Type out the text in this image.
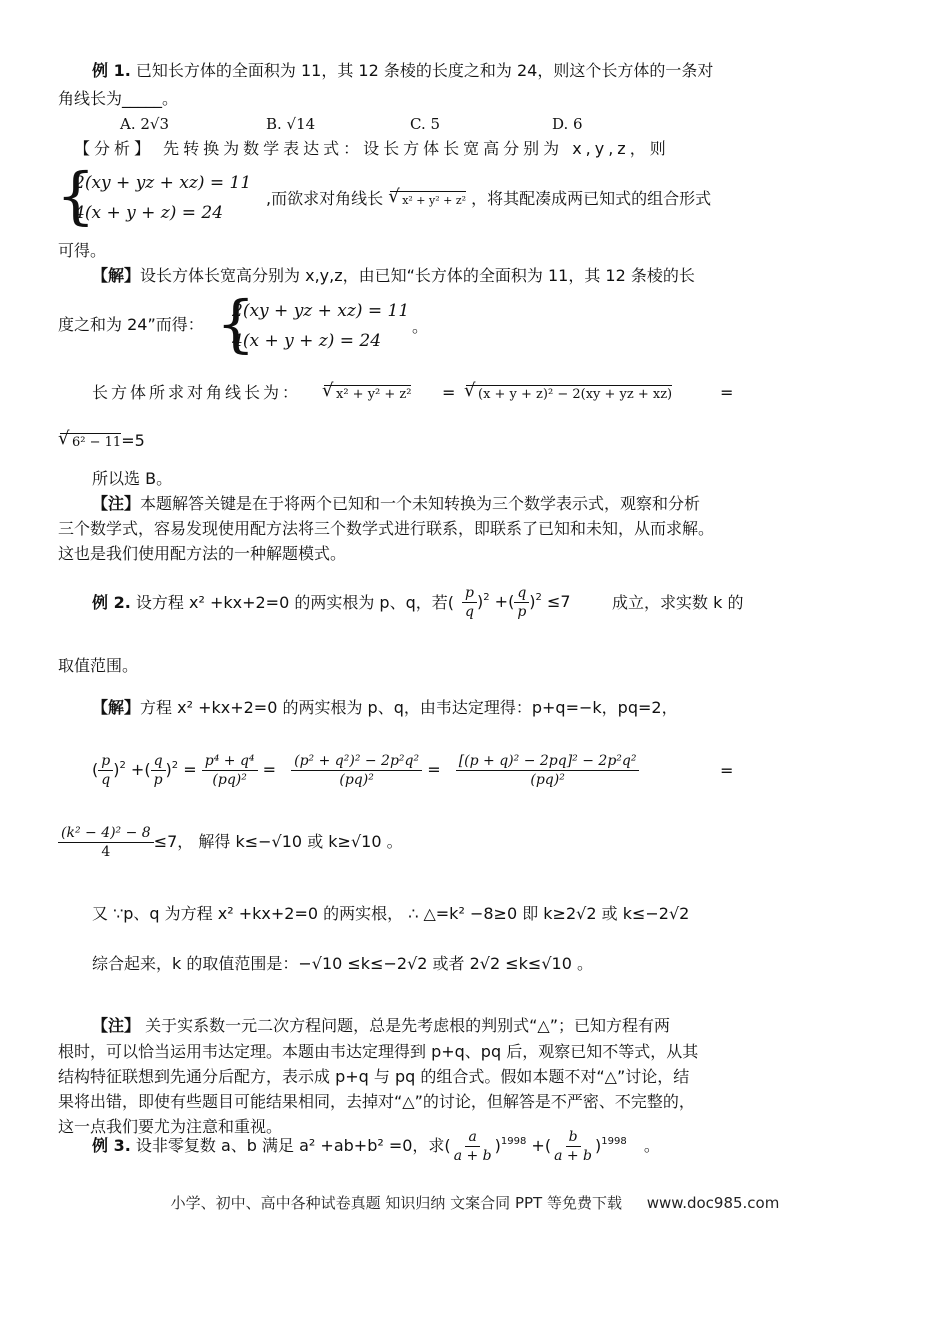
例 1. 已知长方体的全面积为 11，其 12 条棱的长度之和为 24，则这个长方体的一条对
角线长为_____。
A. 2√3	B. √14	C. 5	D. 6
【分析】 先转换为数学表达式：设长方体长宽高分别为 x,y,z，则
{
2(xy + yz + xz) = 11
4(x + y + z) = 24
,而欲求对角线长 √ x² + y² + z² ，将其配凑成两已知式的组合形式
可得。
【解】设长方体长宽高分别为 x,y,z，由已知“长方体的全面积为 11，其 12 条棱的长
度之和为 24”而得： {
2(xy + yz + xz) = 11
4(x + y + z) = 24
。
长方体所求对角线长为：	√ x² + y² + z² =	√ (x + y + z)² − 2(xy + yz + xz)	=
√ 6² − 11=5
所以选 B。
【注】本题解答关键是在于将两个已知和一个未知转换为三个数学表示式，观察和分析
三个数学式，容易发现使用配方法将三个数学式进行联系，即联系了已知和未知，从而求解。
这也是我们使用配方法的一种解题模式。
例 2. 设方程 x² +kx+2=0 的两实根为 p、q，若( $\frac{p}{q} )^2$ +( $\frac{q}{p} )^2 \le 7$	成立，求实数 k 的
取值范围。
【解】方程 x² +kx+2=0 的两实根为 p、q，由韦达定理得：p+q=−k，pq=2，
( $\frac{p}{q} )^2$ +( $\frac{q}{p} )^2 = \frac{\text{p⁴ + q⁴}}{\text{(pq)²}} = \frac{\text{(p² + q²)² − 2p²q²}}{\text{(pq)²}} = \frac{\text{[(p + q)² − 2pq]² − 2p²q²}}{\text{(pq)²}}$	=
$\frac{\text{(k² − 4)² − 8}}{4} \le 7$， 解得 k≤−√10 或 k≥√10 。
又 ∵p、q 为方程 x² +kx+2=0 的两实根， ∴ △=k² −8≥0 即 k≥2√2 或 k≤−2√2
综合起来，k 的取值范围是：−√10 ≤k≤−2√2 或者 2√2 ≤k≤√10 。
【注】 关于实系数一元二次方程问题，总是先考虑根的判别式“△”；已知方程有两
根时，可以恰当运用韦达定理。本题由韦达定理得到 p+q、pq 后，观察已知不等式，从其
结构特征联想到先通分后配方，表示成 p+q 与 pq 的组合式。假如本题不对“△”讨论，结
果将出错，即使有些题目可能结果相同，去掉对“△”的讨论，但解答是不严密、不完整的，
这一点我们要尤为注意和重视。
例 3. 设非零复数 a、b 满足 a² +ab+b² =0，求( $\frac{a}{a + b} )^{1998}$ +( $\frac{b}{a + b} )^{1998}$ 。
小学、初中、高中各种试卷真题 知识归纳 文案合同 PPT 等免费下载 www.doc985.com
